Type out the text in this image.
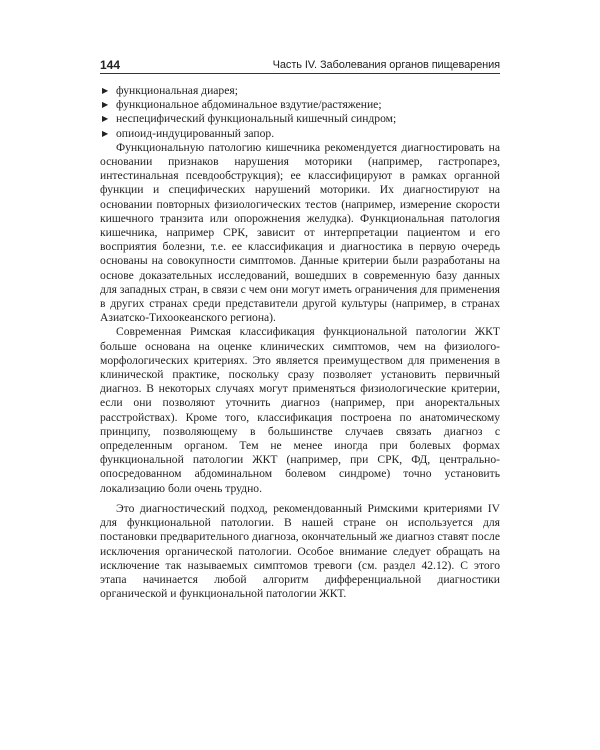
144	Часть IV. Заболевания органов пищеварения
▶ функциональная диарея;
▶ функциональное абдоминальное вздутие/растяжение;
▶ неспецифический функциональный кишечный синдром;
▶ опиоид-индуцированный запор.

Функциональную патологию кишечника рекомендуется диагностировать на основании признаков нарушения моторики (например, гастропарез, интестинальная псевдообструкция); ее классифицируют в рамках органной функции и специфических нарушений моторики. Их диагностируют на основании повторных физиологических тестов (например, измерение скорости кишечного транзита или опорожнения желудка). Функциональная патология кишечника, например СРК, зависит от интерпретации пациентом и его восприятия болезни, т.е. ее классификация и диагностика в первую очередь основаны на совокупности симптомов. Данные критерии были разработаны на основе доказательных исследований, вошедших в современную базу данных для западных стран, в связи с чем они могут иметь ограничения для применения в других странах среди представители другой культуры (например, в странах Азиатско-Тихоокеанского региона).

Современная Римская классификация функциональной патологии ЖКТ больше основана на оценке клинических симптомов, чем на физиолого-морфологических критериях. Это является преимуществом для применения в клинической практике, поскольку сразу позволяет установить первичный диагноз. В некоторых случаях могут применяться физиологические критерии, если они позволяют уточнить диагноз (например, при аноректальных расстройствах). Кроме того, классификация построена по анатомическому принципу, позволяющему в большинстве случаев связать диагноз с определенным органом. Тем не менее иногда при болевых формах функциональной патологии ЖКТ (например, при СРК, ФД, центрально-опосредованном абдоминальном болевом синдроме) точно установить локализацию боли очень трудно.

Это диагностический подход, рекомендованный Римскими критериями IV для функциональной патологии. В нашей стране он используется для постановки предварительного диагноза, окончательный же диагноз ставят после исключения органической патологии. Особое внимание следует обращать на исключение так называемых симптомов тревоги (см. раздел 42.12). С этого этапа начинается любой алгоритм дифференциальной диагностики органической и функциональной патологии ЖКТ.
